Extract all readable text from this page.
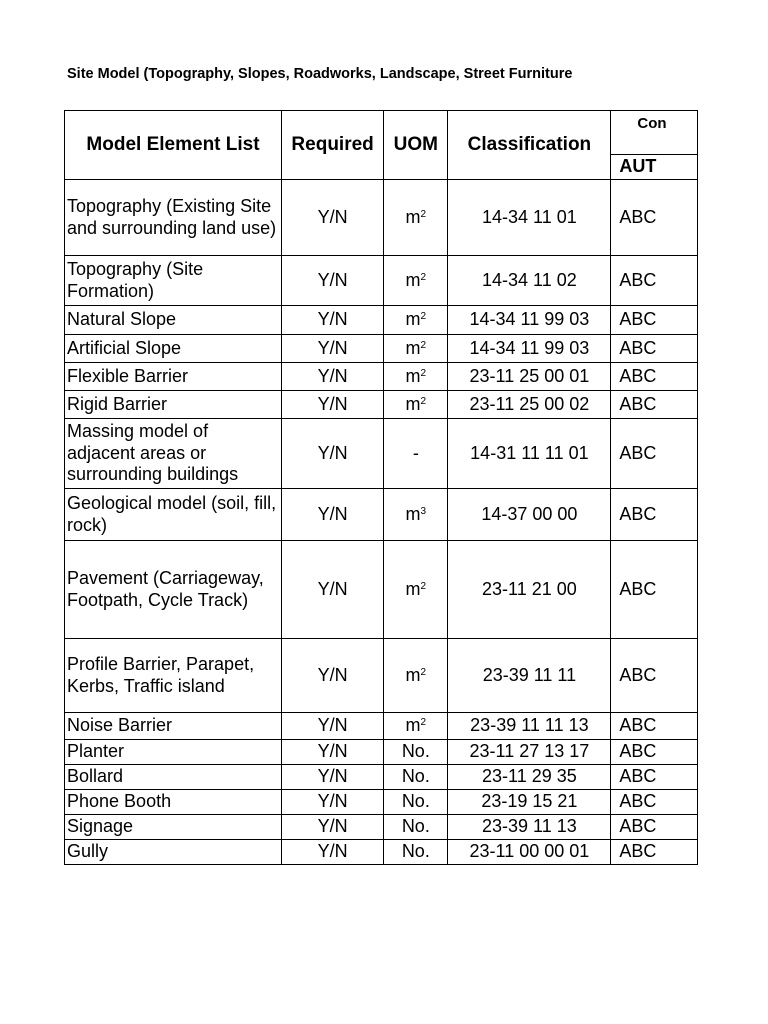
Site Model (Topography, Slopes, Roadworks, Landscape, Street Furniture
Model Element List	Required	UOM	Classification	Con
				AUT
Topography (Existing Site and surrounding land use)	Y/N	$m^2$	14-34 11 01	ABC
Topography (Site Formation)	Y/N	$m^2$	14-34 11 02	ABC
Natural Slope	Y/N	$m^2$	14-34 11 99 03	ABC
Artificial Slope	Y/N	$m^2$	14-34 11 99 03	ABC
Flexible Barrier	Y/N	$m^2$	23-11 25 00 01	ABC
Rigid Barrier	Y/N	$m^2$	23-11 25 00 02	ABC
Massing model of adjacent areas or surrounding buildings	Y/N	-	14-31 11 11 01	ABC
Geological model (soil, fill, rock)	Y/N	$m^3$	14-37 00 00	ABC
Pavement (Carriageway, Footpath, Cycle Track)	Y/N	$m^2$	23-11 21 00	ABC
Profile Barrier, Parapet, Kerbs, Traffic island	Y/N	$m^2$	23-39 11 11	ABC
Noise Barrier	Y/N	$m^2$	23-39 11 11 13	ABC
Planter	Y/N	No.	23-11 27 13 17	ABC
Bollard	Y/N	No.	23-11 29 35	ABC
Phone Booth	Y/N	No.	23-19 15 21	ABC
Signage	Y/N	No.	23-39 11 13	ABC
Gully	Y/N	No.	23-11 00 00 01	ABC
